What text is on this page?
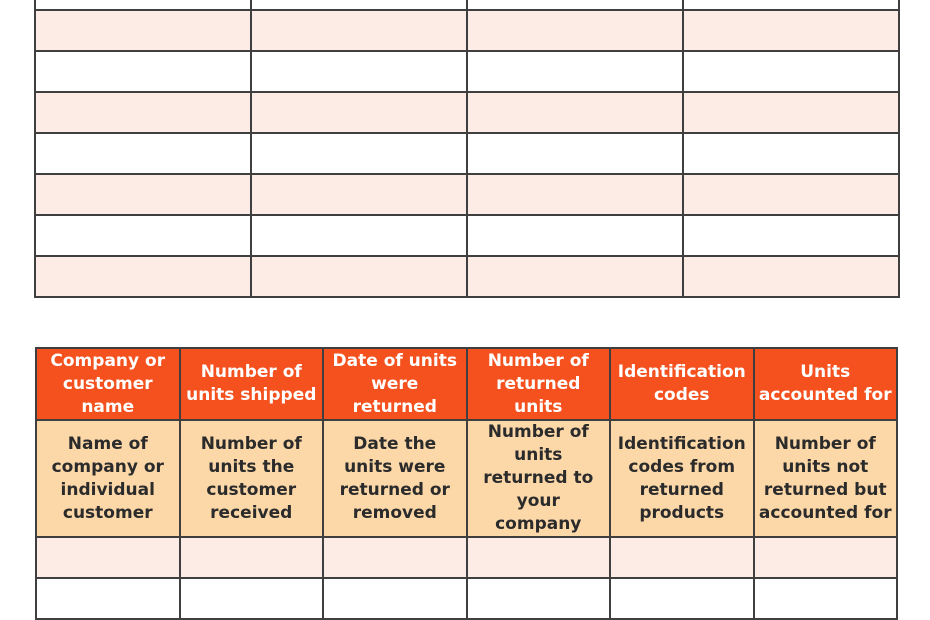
Company or customer name	Number of units shipped	Date of units were returned	Number of returned units	Identification codes	Units accounted for
Name of company or individual customer	Number of units the customer received	Date the units were returned or removed	Number of units returned to your company	Identification codes from returned products	Number of units not returned but accounted for
